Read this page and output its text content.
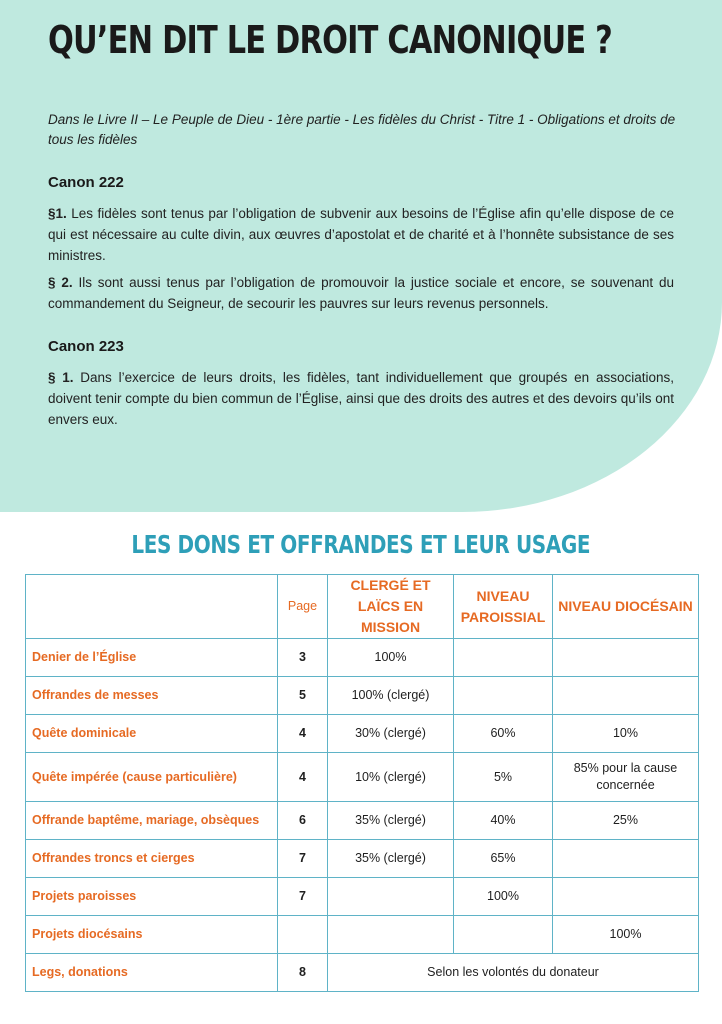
QU’EN DIT LE DROIT CANONIQUE ?

Dans le Livre II – Le Peuple de Dieu - 1ère partie - Les fidèles du Christ - Titre 1 - Obligations et droits de tous les fidèles

Canon 222

§1. Les fidèles sont tenus par l’obligation de subvenir aux besoins de l’Église afin qu’elle dispose de ce qui est nécessaire au culte divin, aux œuvres d’apostolat et de charité et à l’honnête subsistance de ses ministres.

§ 2. Ils sont aussi tenus par l’obligation de promouvoir la justice sociale et encore, se souvenant du commandement du Seigneur, de secourir les pauvres sur leurs revenus personnels.

Canon 223

§ 1. Dans l’exercice de leurs droits, les fidèles, tant individuellement que groupés en associations, doivent tenir compte du bien commun de l’Église, ainsi que des droits des autres et des devoirs qu’ils ont envers eux.

LES DONS ET OFFRANDES ET LEUR USAGE
	Page	CLERGÉ ET LAÏCS EN MISSION	NIVEAU PAROISSIAL	NIVEAU DIOCÉSAIN
Denier de l’Église	3	100%		
Offrandes de messes	5	100% (clergé)		
Quête dominicale	4	30% (clergé)	60%	10%
Quête impérée (cause particulière)	4	10% (clergé)	5%	85% pour la cause concernée
Offrande baptême, mariage, obsèques	6	35% (clergé)	40%	25%
Offrandes troncs et cierges	7	35% (clergé)	65%	
Projets paroisses	7		100%	
Projets diocésains				100%
Legs, donations	8	Selon les volontés du donateur		
